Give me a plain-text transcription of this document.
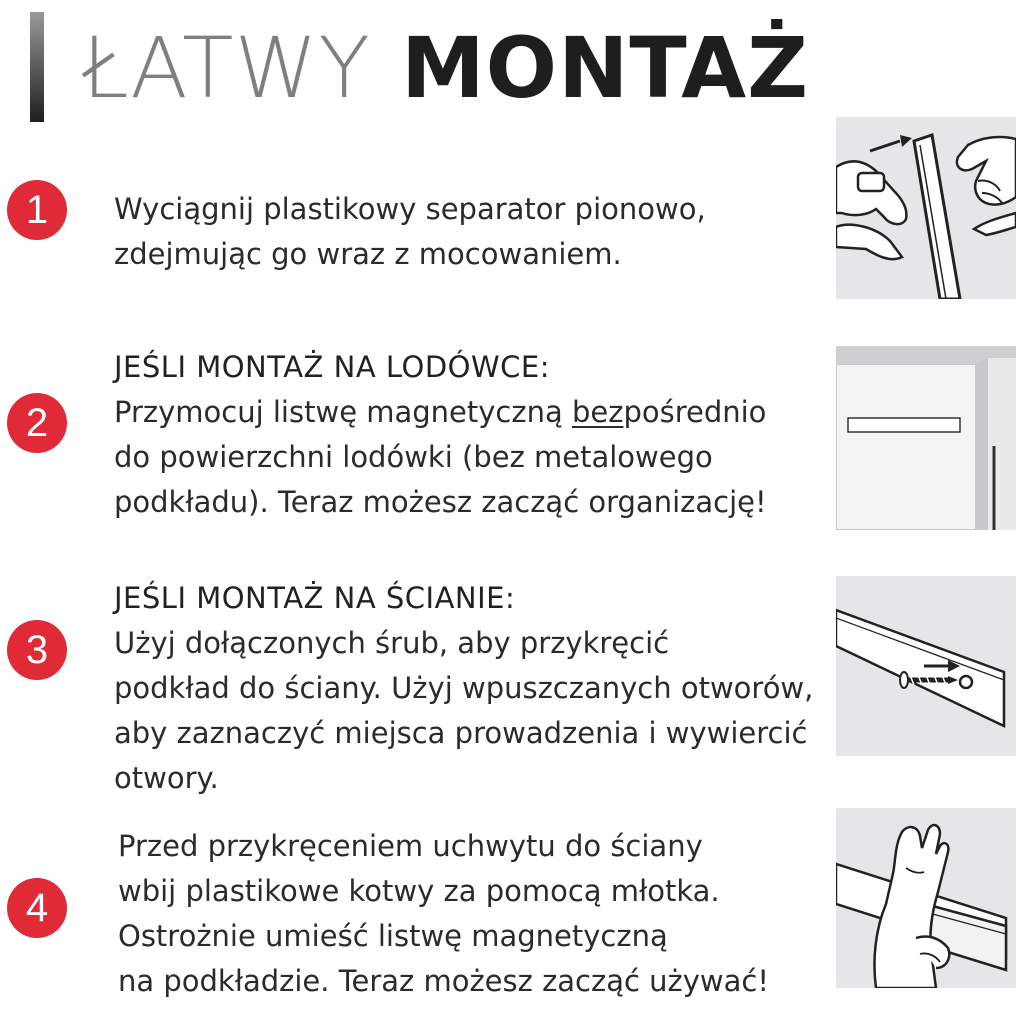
ŁATWY MONTAŻ
1	Wyciągnij plastikowy separator pionowo,
zdejmując go wraz z mocowaniem.
2
JEŚLI MONTAŻ NA LODÓWCE:
Przymocuj listwę magnetyczną bezpośrednio
do powierzchni lodówki (bez metalowego
podkładu). Teraz możesz zacząć organizację!
3
JEŚLI MONTAŻ NA ŚCIANIE:
Użyj dołączonych śrub, aby przykręcić
podkład do ściany. Użyj wpuszczanych otworów,
aby zaznaczyć miejsca prowadzenia i wywiercić
otwory.
4
Przed przykręceniem uchwytu do ściany
wbij plastikowe kotwy za pomocą młotka.
Ostrożnie umieść listwę magnetyczną
na podkładzie. Teraz możesz zacząć używać!
